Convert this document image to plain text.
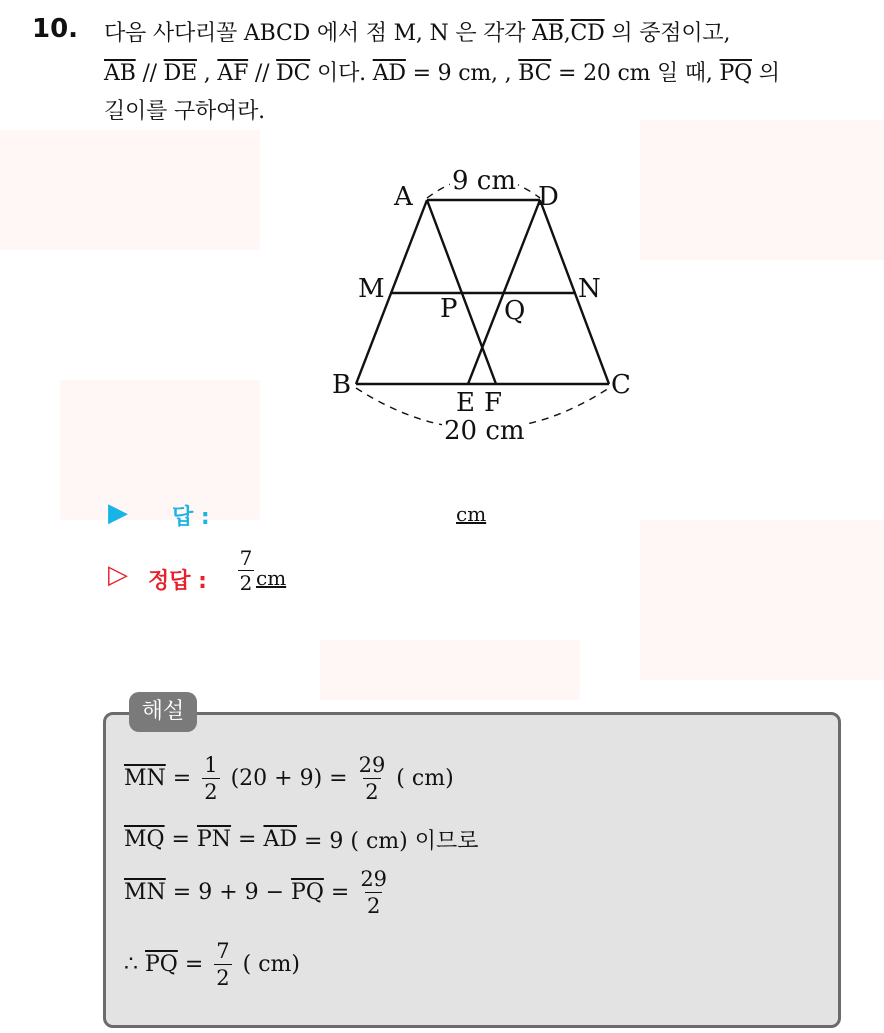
10. 다음 사다리꼴 ABCD 에서 점 M, N 은 각각 $\overline{AB},\overline{CD}$ 의 중점이고,
$\overline{AB} // \overline{DE}$ , $\overline{AF} // \overline{DC}$ 이다. $\overline{AD} = 9$ cm, , $\overline{BC} = 20$ cm 일 때, $\overline{PQ}$ 의
길이를 구하여라.
A	D
M	N
P Q
B	C
E F
9 cm
20 cm
▶ 답 :	cm
▷ 정답 :
7
2 cm
해설
$\overline{MN} = \frac{1}{2} (20 + 9) = \frac{29}{2}$ ( cm)
$\overline{MQ} = \overline{PN} = \overline{AD} = 9$ ( cm) 이므로
$\overline{MN} = 9 + 9 - \overline{PQ} = \frac{29}{2}$
∴ $\overline{PQ} = \frac{7}{2}$ ( cm)
